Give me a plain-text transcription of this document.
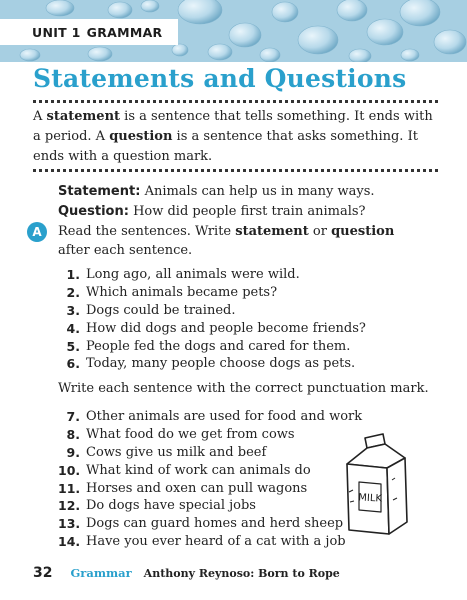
UNIT 1 GRAMMAR
Statements and Questions

A statement is a sentence that tells something. It ends with a period. A question is a sentence that asks something. It ends with a question mark.

Statement: Animals can help us in many ways.
Question: How did people first train animals?
A	Read the sentences. Write statement or question after each sentence.
1. Long ago, all animals were wild.
2. Which animals became pets?
3. Dogs could be trained.
4. How did dogs and people become friends?
5. People fed the dogs and cared for them.
6. Today, many people choose dogs as pets.
Write each sentence with the correct punctuation mark.
7. Other animals are used for food and work
8. What food do we get from cows
9. Cows give us milk and beef
10. What kind of work can animals do
11. Horses and oxen can pull wagons
12. Do dogs have special jobs
13. Dogs can guard homes and herd sheep
14. Have you ever heard of a cat with a job
MILK
32 Grammar Anthony Reynoso: Born to Rope
